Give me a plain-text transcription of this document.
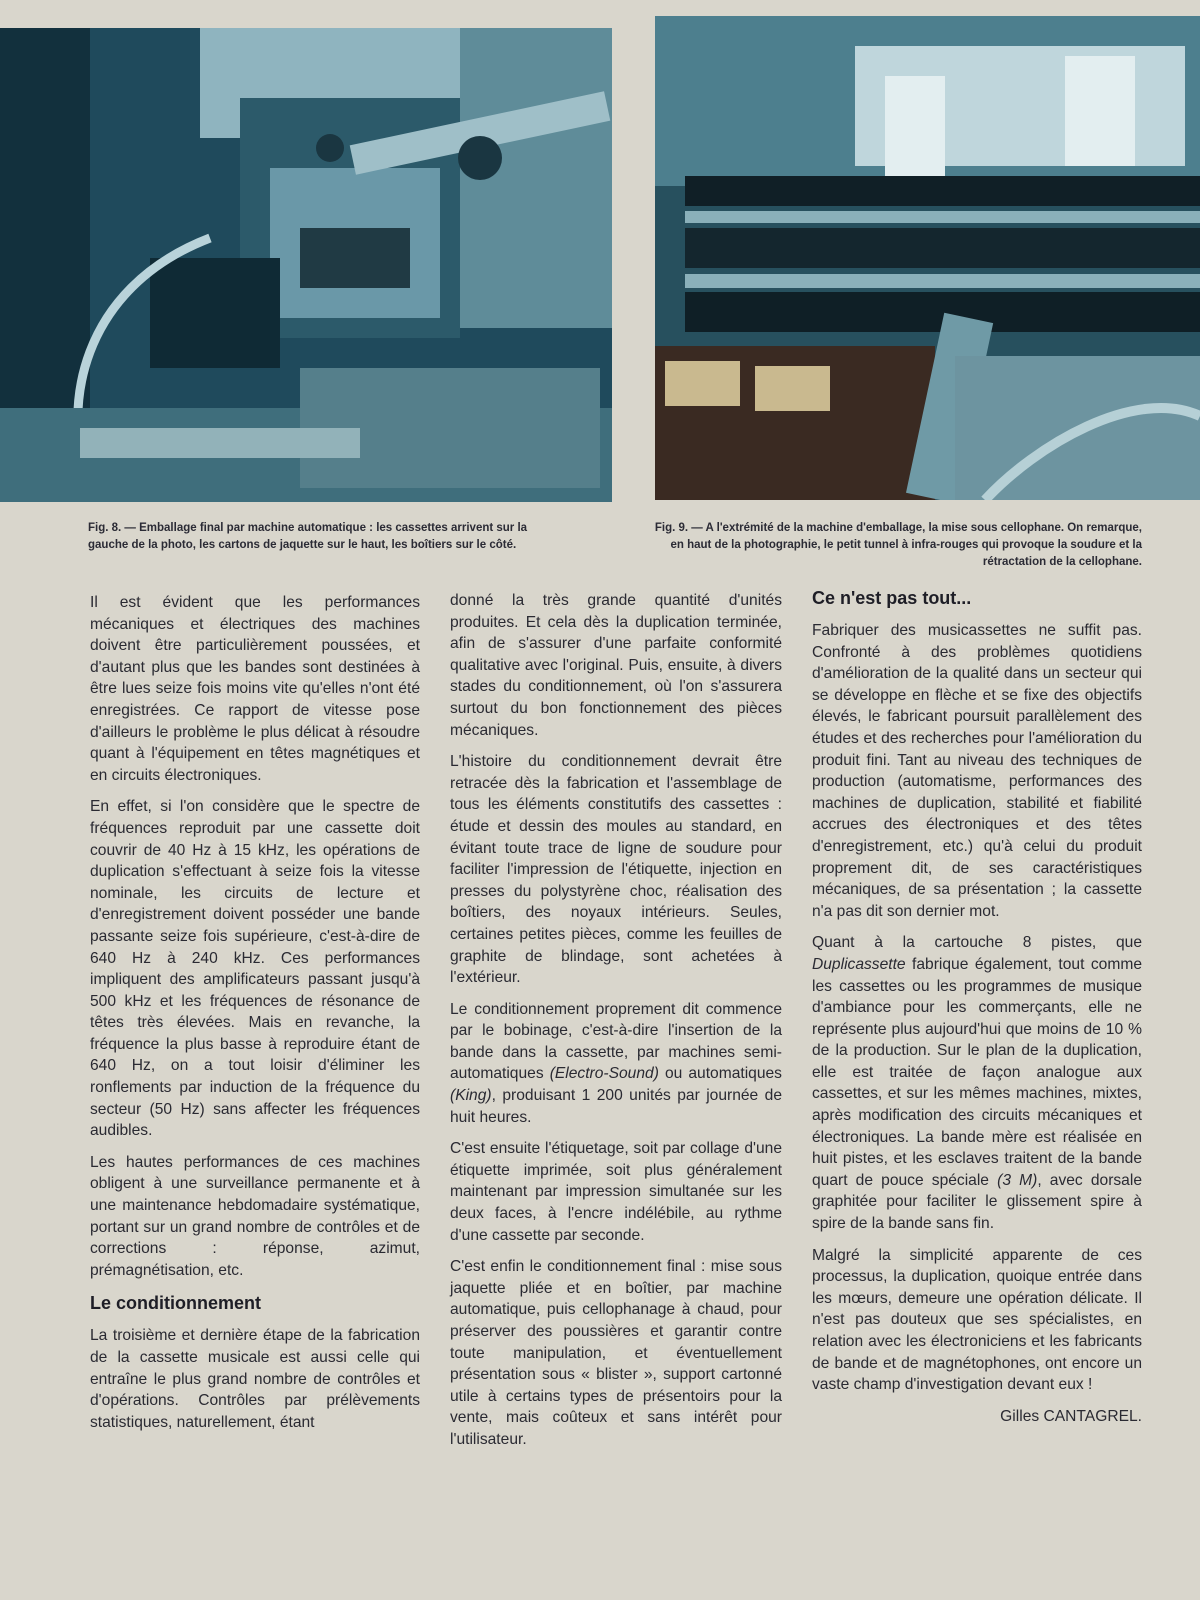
Fig. 8. — Emballage final par machine automatique : les cassettes arrivent sur la gauche de la photo, les cartons de jaquette sur le haut, les boîtiers sur le côté.
Fig. 9. — A l'extrémité de la machine d'emballage, la mise sous cellophane. On remarque, en haut de la photographie, le petit tunnel à infra-rouges qui provoque la soudure et la rétractation de la cellophane.

Il est évident que les performances mécaniques et électriques des machines doivent être particulièrement poussées, et d'autant plus que les bandes sont destinées à être lues seize fois moins vite qu'elles n'ont été enregistrées. Ce rapport de vitesse pose d'ailleurs le problème le plus délicat à résoudre quant à l'équipement en têtes magnétiques et en circuits électroniques.

En effet, si l'on considère que le spectre de fréquences reproduit par une cassette doit couvrir de 40 Hz à 15 kHz, les opérations de duplication s'effectuant à seize fois la vitesse nominale, les circuits de lecture et d'enregistrement doivent posséder une bande passante seize fois supérieure, c'est-à-dire de 640 Hz à 240 kHz. Ces performances impliquent des amplificateurs passant jusqu'à 500 kHz et les fréquences de résonance de têtes très élevées. Mais en revanche, la fréquence la plus basse à reproduire étant de 640 Hz, on a tout loisir d'éliminer les ronflements par induction de la fréquence du secteur (50 Hz) sans affecter les fréquences audibles.

Les hautes performances de ces machines obligent à une surveillance permanente et à une maintenance hebdomadaire systématique, portant sur un grand nombre de contrôles et de corrections : réponse, azimut, prémagnétisation, etc.

Le conditionnement

La troisième et dernière étape de la fabrication de la cassette musicale est aussi celle qui entraîne le plus grand nombre de contrôles et d'opérations. Contrôles par prélèvements statistiques, naturellement, étant

donné la très grande quantité d'unités produites. Et cela dès la duplication terminée, afin de s'assurer d'une parfaite conformité qualitative avec l'original. Puis, ensuite, à divers stades du conditionnement, où l'on s'assurera surtout du bon fonctionnement des pièces mécaniques.

L'histoire du conditionnement devrait être retracée dès la fabrication et l'assemblage de tous les éléments constitutifs des cassettes : étude et dessin des moules au standard, en évitant toute trace de ligne de soudure pour faciliter l'impression de l'étiquette, injection en presses du polystyrène choc, réalisation des boîtiers, des noyaux intérieurs. Seules, certaines petites pièces, comme les feuilles de graphite de blindage, sont achetées à l'extérieur.

Le conditionnement proprement dit commence par le bobinage, c'est-à-dire l'insertion de la bande dans la cassette, par machines semi-automatiques (Electro-Sound) ou automatiques (King), produisant 1 200 unités par journée de huit heures.

C'est ensuite l'étiquetage, soit par collage d'une étiquette imprimée, soit plus généralement maintenant par impression simultanée sur les deux faces, à l'encre indélébile, au rythme d'une cassette par seconde.

C'est enfin le conditionnement final : mise sous jaquette pliée et en boîtier, par machine automatique, puis cellophanage à chaud, pour préserver des poussières et garantir contre toute manipulation, et éventuellement présentation sous « blister », support cartonné utile à certains types de présentoirs pour la vente, mais coûteux et sans intérêt pour l'utilisateur.

Ce n'est pas tout...

Fabriquer des musicassettes ne suffit pas. Confronté à des problèmes quotidiens d'amélioration de la qualité dans un secteur qui se développe en flèche et se fixe des objectifs élevés, le fabricant poursuit parallèlement des études et des recherches pour l'amélioration du produit fini. Tant au niveau des techniques de production (automatisme, performances des machines de duplication, stabilité et fiabilité accrues des électroniques et des têtes d'enregistrement, etc.) qu'à celui du produit proprement dit, de ses caractéristiques mécaniques, de sa présentation ; la cassette n'a pas dit son dernier mot.

Quant à la cartouche 8 pistes, que Duplicassette fabrique également, tout comme les cassettes ou les programmes de musique d'ambiance pour les commerçants, elle ne représente plus aujourd'hui que moins de 10 % de la production. Sur le plan de la duplication, elle est traitée de façon analogue aux cassettes, et sur les mêmes machines, mixtes, après modification des circuits mécaniques et électroniques. La bande mère est réalisée en huit pistes, et les esclaves traitent de la bande quart de pouce spéciale (3 M), avec dorsale graphitée pour faciliter le glissement spire à spire de la bande sans fin.

Malgré la simplicité apparente de ces processus, la duplication, quoique entrée dans les mœurs, demeure une opération délicate. Il n'est pas douteux que ses spécialistes, en relation avec les électroniciens et les fabricants de bande et de magnétophones, ont encore un vaste champ d'investigation devant eux !

Gilles CANTAGREL.
